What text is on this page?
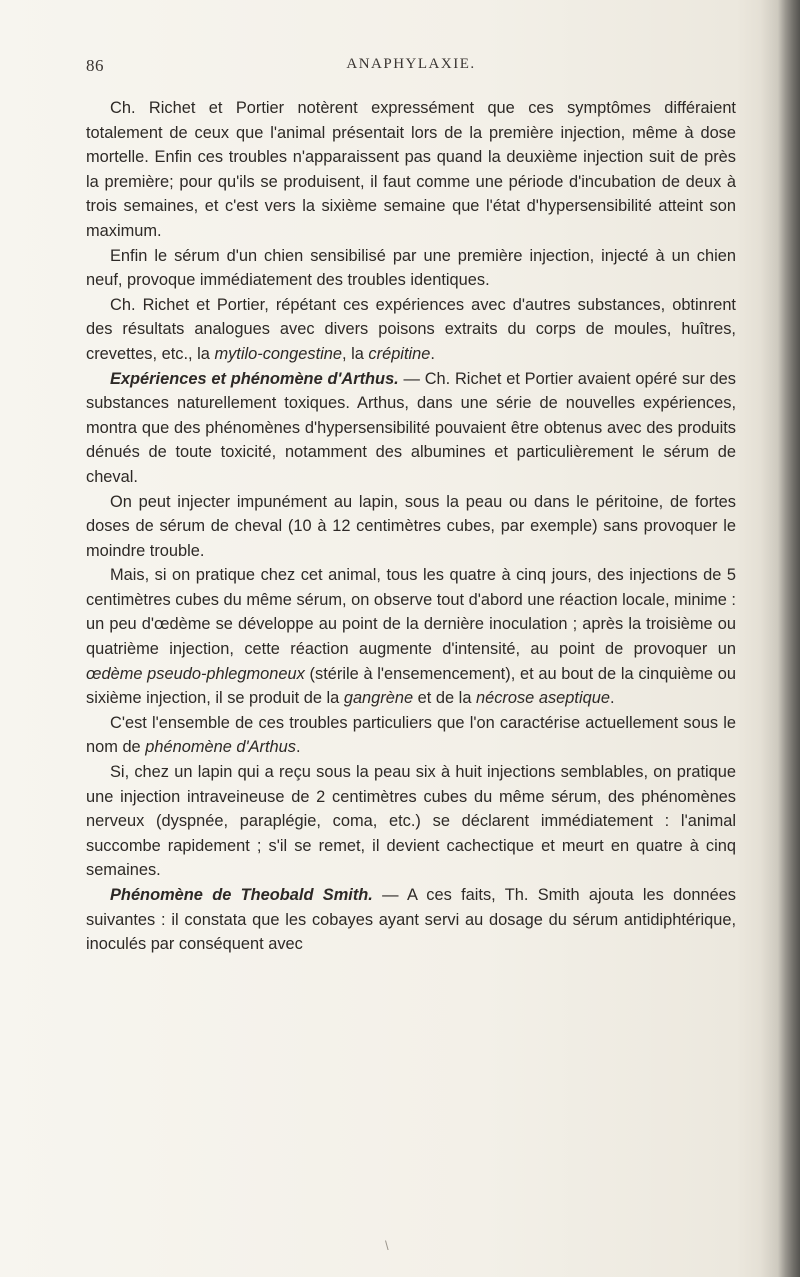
86	ANAPHYLAXIE.

Ch. Richet et Portier notèrent expressément que ces symptômes différaient totalement de ceux que l'animal présentait lors de la première injection, même à dose mortelle. Enfin ces troubles n'apparaissent pas quand la deuxième injection suit de près la première; pour qu'ils se produisent, il faut comme une période d'incubation de deux à trois semaines, et c'est vers la sixième semaine que l'état d'hypersensibilité atteint son maximum.

Enfin le sérum d'un chien sensibilisé par une première injection, injecté à un chien neuf, provoque immédiatement des troubles identiques.

Ch. Richet et Portier, répétant ces expériences avec d'autres substances, obtinrent des résultats analogues avec divers poisons extraits du corps de moules, huîtres, crevettes, etc., la mytilo-congestine, la crépitine.

Expériences et phénomène d'Arthus. — Ch. Richet et Portier avaient opéré sur des substances naturellement toxiques. Arthus, dans une série de nouvelles expériences, montra que des phénomènes d'hypersensibilité pouvaient être obtenus avec des produits dénués de toute toxicité, notamment des albumines et particulièrement le sérum de cheval.

On peut injecter impunément au lapin, sous la peau ou dans le péritoine, de fortes doses de sérum de cheval (10 à 12 centimètres cubes, par exemple) sans provoquer le moindre trouble.

Mais, si on pratique chez cet animal, tous les quatre à cinq jours, des injections de 5 centimètres cubes du même sérum, on observe tout d'abord une réaction locale, minime : un peu d'œdème se développe au point de la dernière inoculation ; après la troisième ou quatrième injection, cette réaction augmente d'intensité, au point de provoquer un œdème pseudo-phlegmoneux (stérile à l'ensemencement), et au bout de la cinquième ou sixième injection, il se produit de la gangrène et de la nécrose aseptique.

C'est l'ensemble de ces troubles particuliers que l'on caractérise actuellement sous le nom de phénomène d'Arthus.

Si, chez un lapin qui a reçu sous la peau six à huit injections semblables, on pratique une injection intraveineuse de 2 centimètres cubes du même sérum, des phénomènes nerveux (dyspnée, paraplégie, coma, etc.) se déclarent immédiatement : l'animal succombe rapidement ; s'il se remet, il devient cachectique et meurt en quatre à cinq semaines.

Phénomène de Theobald Smith. — A ces faits, Th. Smith ajouta les données suivantes : il constata que les cobayes ayant servi au dosage du sérum antidiphtérique, inoculés par conséquent avec

\
